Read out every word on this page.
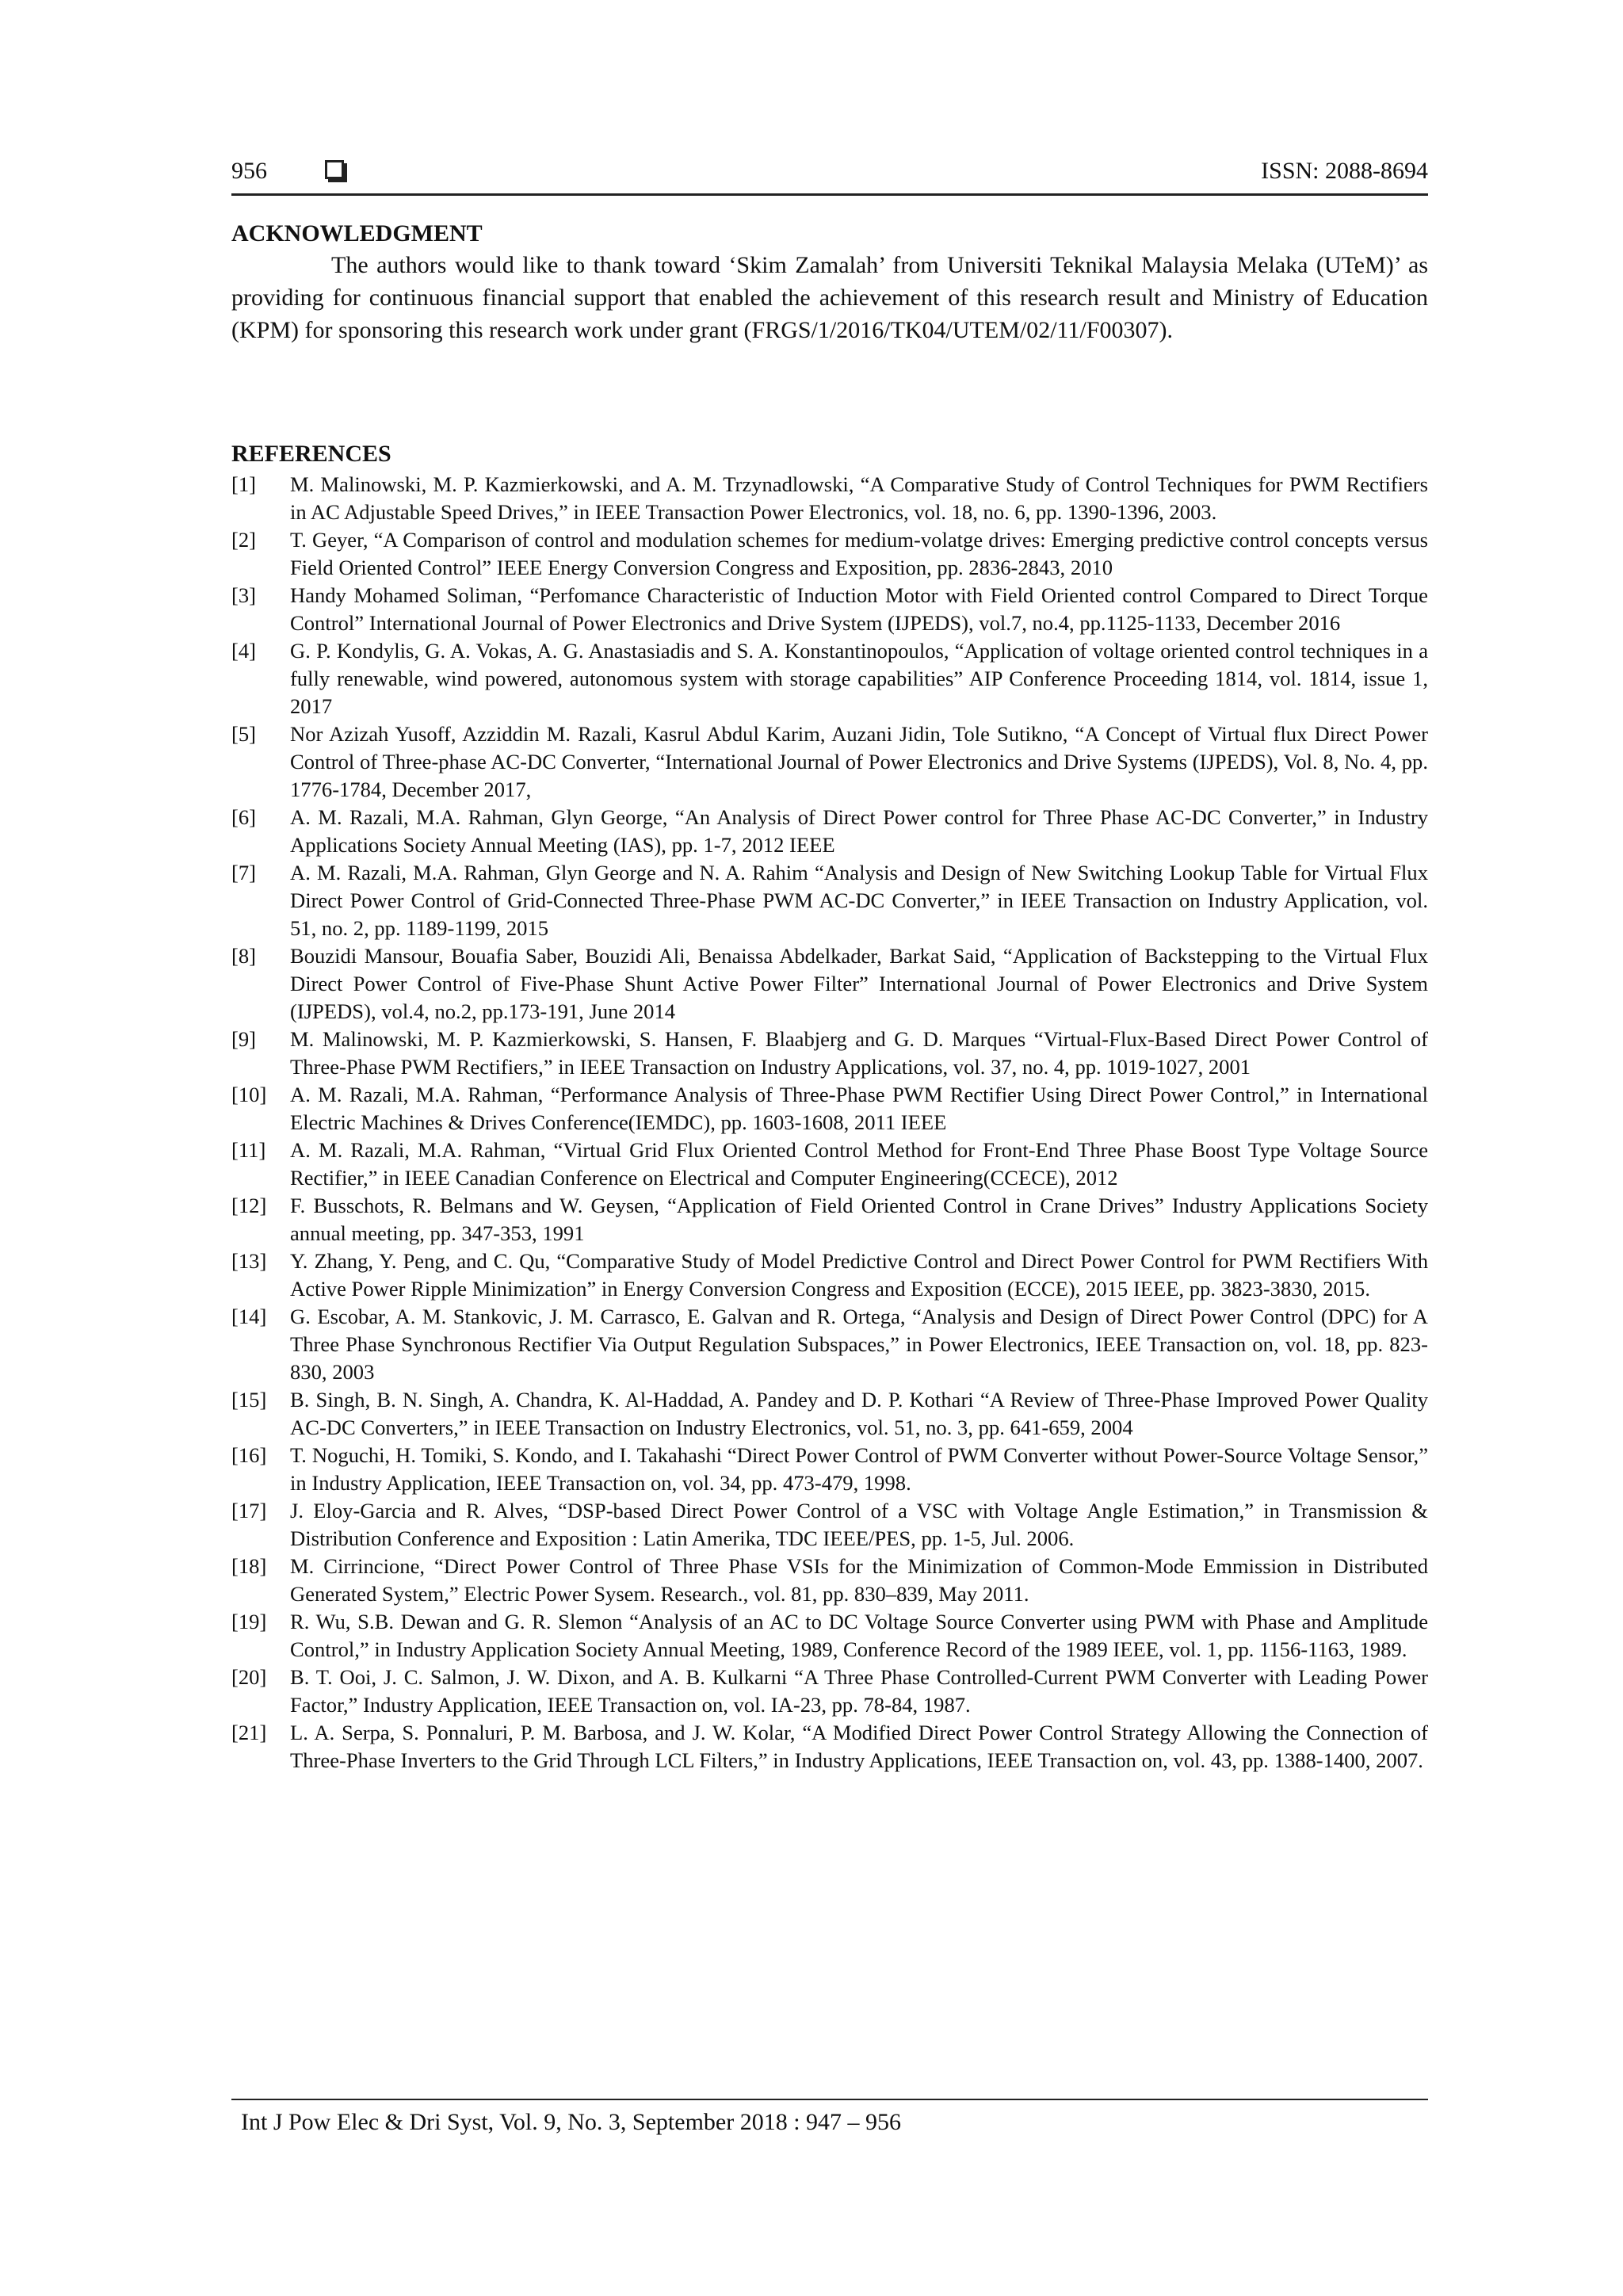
956	ISSN: 2088-8694
ACKNOWLEDGMENT

The authors would like to thank toward ‘Skim Zamalah’ from Universiti Teknikal Malaysia Melaka (UTeM)’ as providing for continuous financial support that enabled the achievement of this research result and Ministry of Education (KPM) for sponsoring this research work under grant (FRGS/1/2016/TK04/UTEM/02/11/F00307).

REFERENCES
[1] M. Malinowski, M. P. Kazmierkowski, and A. M. Trzynadlowski, “A Comparative Study of Control Techniques for PWM Rectifiers in AC Adjustable Speed Drives,” in IEEE Transaction Power Electronics, vol. 18, no. 6, pp. 1390-1396, 2003.
[2] T. Geyer, “A Comparison of control and modulation schemes for medium-volatge drives: Emerging predictive control concepts versus Field Oriented Control” IEEE Energy Conversion Congress and Exposition, pp. 2836-2843, 2010
[3] Handy Mohamed Soliman, “Perfomance Characteristic of Induction Motor with Field Oriented control Compared to Direct Torque Control” International Journal of Power Electronics and Drive System (IJPEDS), vol.7, no.4, pp.1125-1133, December 2016
[4] G. P. Kondylis, G. A. Vokas, A. G. Anastasiadis and S. A. Konstantinopoulos, “Application of voltage oriented control techniques in a fully renewable, wind powered, autonomous system with storage capabilities” AIP Conference Proceeding 1814, vol. 1814, issue 1, 2017
[5] Nor Azizah Yusoff, Azziddin M. Razali, Kasrul Abdul Karim, Auzani Jidin, Tole Sutikno, “A Concept of Virtual flux Direct Power Control of Three-phase AC-DC Converter, “International Journal of Power Electronics and Drive Systems (IJPEDS), Vol. 8, No. 4, pp. 1776-1784, December 2017,
[6] A. M. Razali, M.A. Rahman, Glyn George, “An Analysis of Direct Power control for Three Phase AC-DC Converter,” in Industry Applications Society Annual Meeting (IAS), pp. 1-7, 2012 IEEE
[7] A. M. Razali, M.A. Rahman, Glyn George and N. A. Rahim “Analysis and Design of New Switching Lookup Table for Virtual Flux Direct Power Control of Grid-Connected Three-Phase PWM AC-DC Converter,” in IEEE Transaction on Industry Application, vol. 51, no. 2, pp. 1189-1199, 2015
[8] Bouzidi Mansour, Bouafia Saber, Bouzidi Ali, Benaissa Abdelkader, Barkat Said, “Application of Backstepping to the Virtual Flux Direct Power Control of Five-Phase Shunt Active Power Filter” International Journal of Power Electronics and Drive System (IJPEDS), vol.4, no.2, pp.173-191, June 2014
[9] M. Malinowski, M. P. Kazmierkowski, S. Hansen, F. Blaabjerg and G. D. Marques “Virtual-Flux-Based Direct Power Control of Three-Phase PWM Rectifiers,” in IEEE Transaction on Industry Applications, vol. 37, no. 4, pp. 1019-1027, 2001
[10] A. M. Razali, M.A. Rahman, “Performance Analysis of Three-Phase PWM Rectifier Using Direct Power Control,” in International Electric Machines & Drives Conference(IEMDC), pp. 1603-1608, 2011 IEEE
[11] A. M. Razali, M.A. Rahman, “Virtual Grid Flux Oriented Control Method for Front-End Three Phase Boost Type Voltage Source Rectifier,” in IEEE Canadian Conference on Electrical and Computer Engineering(CCECE), 2012
[12] F. Busschots, R. Belmans and W. Geysen, “Application of Field Oriented Control in Crane Drives” Industry Applications Society annual meeting, pp. 347-353, 1991
[13] Y. Zhang, Y. Peng, and C. Qu, “Comparative Study of Model Predictive Control and Direct Power Control for PWM Rectifiers With Active Power Ripple Minimization” in Energy Conversion Congress and Exposition (ECCE), 2015 IEEE, pp. 3823-3830, 2015.
[14] G. Escobar, A. M. Stankovic, J. M. Carrasco, E. Galvan and R. Ortega, “Analysis and Design of Direct Power Control (DPC) for A Three Phase Synchronous Rectifier Via Output Regulation Subspaces,” in Power Electronics, IEEE Transaction on, vol. 18, pp. 823-830, 2003
[15] B. Singh, B. N. Singh, A. Chandra, K. Al-Haddad, A. Pandey and D. P. Kothari “A Review of Three-Phase Improved Power Quality AC-DC Converters,” in IEEE Transaction on Industry Electronics, vol. 51, no. 3, pp. 641-659, 2004
[16] T. Noguchi, H. Tomiki, S. Kondo, and I. Takahashi “Direct Power Control of PWM Converter without Power-Source Voltage Sensor,” in Industry Application, IEEE Transaction on, vol. 34, pp. 473-479, 1998.
[17] J. Eloy-Garcia and R. Alves, “DSP-based Direct Power Control of a VSC with Voltage Angle Estimation,” in Transmission & Distribution Conference and Exposition : Latin Amerika, TDC IEEE/PES, pp. 1-5, Jul. 2006.
[18] M. Cirrincione, “Direct Power Control of Three Phase VSIs for the Minimization of Common-Mode Emmission in Distributed Generated System,” Electric Power Sysem. Research., vol. 81, pp. 830–839, May 2011.
[19] R. Wu, S.B. Dewan and G. R. Slemon “Analysis of an AC to DC Voltage Source Converter using PWM with Phase and Amplitude Control,” in Industry Application Society Annual Meeting, 1989, Conference Record of the 1989 IEEE, vol. 1, pp. 1156-1163, 1989.
[20] B. T. Ooi, J. C. Salmon, J. W. Dixon, and A. B. Kulkarni “A Three Phase Controlled-Current PWM Converter with Leading Power Factor,” Industry Application, IEEE Transaction on, vol. IA-23, pp. 78-84, 1987.
[21] L. A. Serpa, S. Ponnaluri, P. M. Barbosa, and J. W. Kolar, “A Modified Direct Power Control Strategy Allowing the Connection of Three-Phase Inverters to the Grid Through LCL Filters,” in Industry Applications, IEEE Transaction on, vol. 43, pp. 1388-1400, 2007.
Int J Pow Elec & Dri Syst, Vol. 9, No. 3, September 2018 : 947 – 956
